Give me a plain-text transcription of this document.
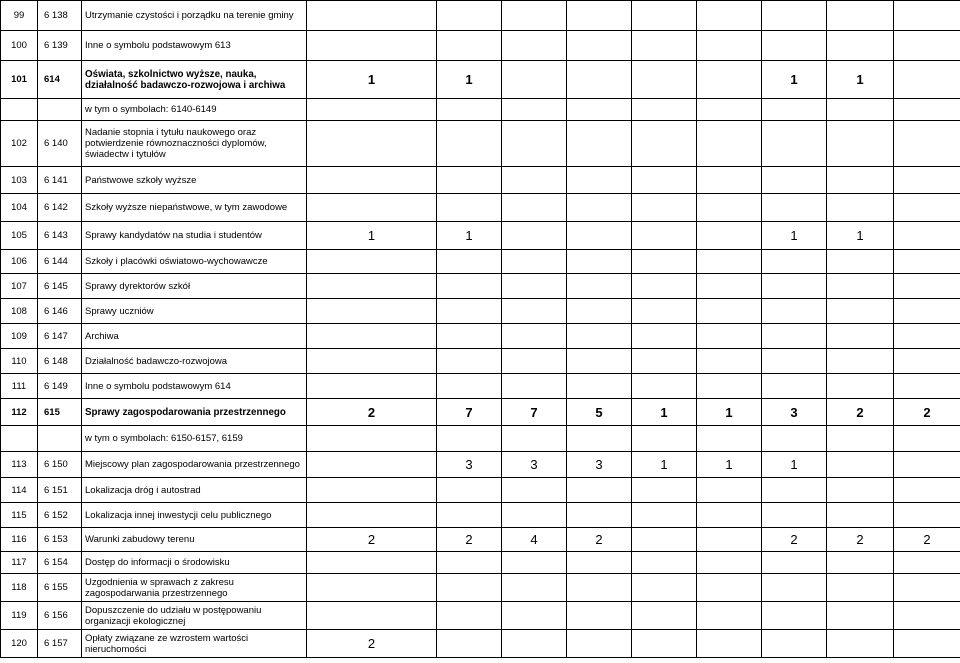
99	6 138	Utrzymanie czystości i porządku na terenie gminy										
100	6 139	Inne o symbolu podstawowym 613										
101	614	Oświata, szkolnictwo wyższe, nauka, działalność badawczo-rozwojowa i archiwa	1	1					1	1		
		w tym o symbolach: 6140-6149										
102	6 140	Nadanie stopnia i tytułu naukowego oraz potwierdzenie równoznaczności dyplomów, świadectw i tytułów										
103	6 141	Państwowe szkoły wyższe										
104	6 142	Szkoły wyższe niepaństwowe, w tym zawodowe										
105	6 143	Sprawy kandydatów na studia i studentów	1	1					1	1		
106	6 144	Szkoły i placówki oświatowo-wychowawcze										
107	6 145	Sprawy dyrektorów szkół										
108	6 146	Sprawy uczniów										
109	6 147	Archiwa										
110	6 148	Działalność badawczo-rozwojowa										
111	6 149	Inne o symbolu podstawowym 614										
112	615	Sprawy zagospodarowania przestrzennego	2	7	7	5	1	1	3	2	2	
		w tym o symbolach: 6150-6157, 6159										
113	6 150	Miejscowy plan zagospodarowania przestrzennego		3	3	3	1	1	1			
114	6 151	Lokalizacja dróg i autostrad										
115	6 152	Lokalizacja innej inwestycji celu publicznego										
116	6 153	Warunki zabudowy terenu	2	2	4	2			2	2	2	
117	6 154	Dostęp do informacji o środowisku										
118	6 155	Uzgodnienia w sprawach z zakresu zagospodarwania przestrzennego										
119	6 156	Dopuszczenie do udziału w postępowaniu organizacji ekologicznej										
120	6 157	Opłaty związane ze wzrostem wartości nieruchomości	2									
